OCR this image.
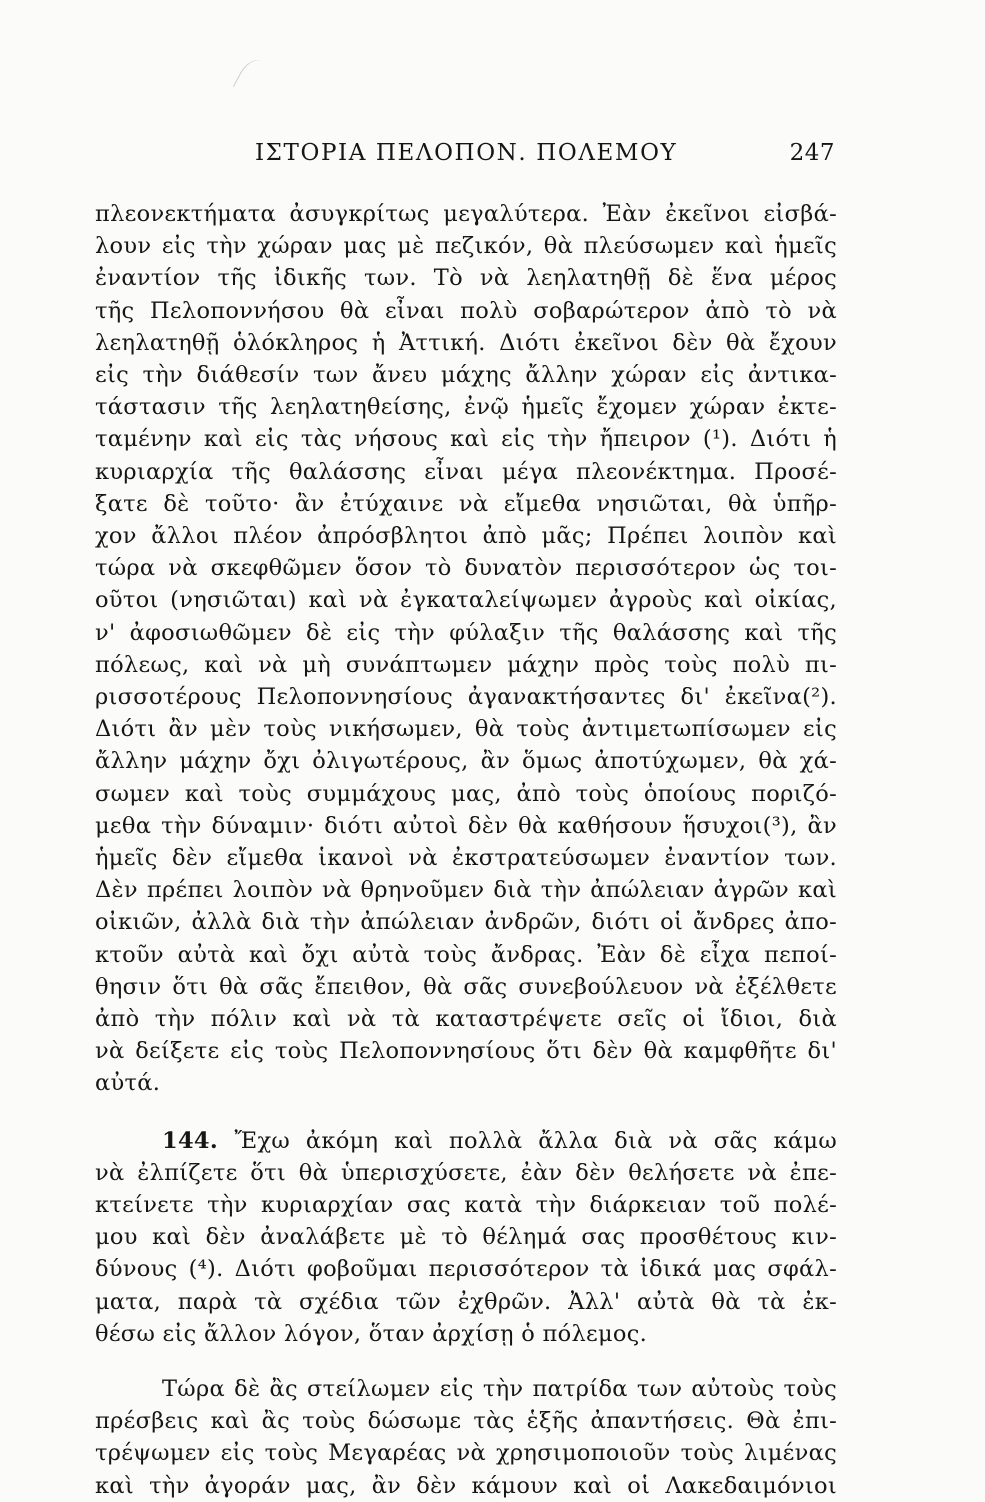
ΙΣΤΟΡΙΑ ΠΕΛΟΠΟΝ. ΠΟΛΕΜΟΥ	247
πλεονεκτήματα ἀσυγκρίτως μεγαλύτερα. Ἐὰν ἐκεῖνοι εἰσβά-
λουν εἰς τὴν χώραν μας μὲ πεζικόν, θὰ πλεύσωμεν καὶ ἡμεῖς
ἐναντίον τῆς ἰδικῆς των. Τὸ νὰ λεηλατηθῇ δὲ ἕνα μέρος
τῆς Πελοποννήσου θὰ εἶναι πολὺ σοβαρώτερον ἀπὸ τὸ νὰ
λεηλατηθῇ ὁλόκληρος ἡ Ἀττική. Διότι ἐκεῖνοι δὲν θὰ ἔχουν
εἰς τὴν διάθεσίν των ἄνευ μάχης ἄλλην χώραν εἰς ἀντικα-
τάστασιν τῆς λεηλατηθείσης, ἐνῷ ἡμεῖς ἔχομεν χώραν ἐκτε-
ταμένην καὶ εἰς τὰς νήσους καὶ εἰς τὴν ἤπειρον (¹). Διότι ἡ
κυριαρχία τῆς θαλάσσης εἶναι μέγα πλεονέκτημα. Προσέ-
ξατε δὲ τοῦτο· ἂν ἐτύχαινε νὰ εἴμεθα νησιῶται, θὰ ὑπῆρ-
χον ἄλλοι πλέον ἀπρόσβλητοι ἀπὸ μᾶς; Πρέπει λοιπὸν καὶ
τώρα νὰ σκεφθῶμεν ὅσον τὸ δυνατὸν περισσότερον ὡς τοι-
οῦτοι (νησιῶται) καὶ νὰ ἐγκαταλείψωμεν ἀγροὺς καὶ οἰκίας,
ν' ἀφοσιωθῶμεν δὲ εἰς τὴν φύλαξιν τῆς θαλάσσης καὶ τῆς
πόλεως, καὶ νὰ μὴ συνάπτωμεν μάχην πρὸς τοὺς πολὺ πι-
ρισσοτέρους Πελοποννησίους ἀγανακτήσαντες δι' ἐκεῖνα(²).
Διότι ἂν μὲν τοὺς νικήσωμεν, θὰ τοὺς ἀντιμετωπίσωμεν εἰς
ἄλλην μάχην ὄχι ὀλιγωτέρους, ἂν ὅμως ἀποτύχωμεν, θὰ χά-
σωμεν καὶ τοὺς συμμάχους μας, ἀπὸ τοὺς ὁποίους πoριζό-
μεθα τὴν δύναμιν· διότι αὐτοὶ δὲν θὰ καθήσουν ἥσυχοι(³), ἂν
ἡμεῖς δὲν εἴμεθα ἱκανοὶ νὰ ἐκστρατεύσωμεν ἐναντίον των.
Δὲν πρέπει λοιπὸν νὰ θρηνοῦμεν διὰ τὴν ἀπώλειαν ἀγρῶν καὶ
οἰκιῶν, ἀλλὰ διὰ τὴν ἀπώλειαν ἀνδρῶν, διότι οἱ ἄνδρες ἀπο-
κτοῦν αὐτὰ καὶ ὄχι αὐτὰ τοὺς ἄνδρας. Ἐὰν δὲ εἶχα πεποί-
θησιν ὅτι θὰ σᾶς ἔπειθον, θὰ σᾶς συνεβούλευον νὰ ἐξέλθετε
ἀπὸ τὴν πόλιν καὶ νὰ τὰ καταστρέψετε σεῖς οἱ ἴδιοι, διὰ
νὰ δείξετε εἰς τοὺς Πελοποννησίους ὅτι δὲν θὰ καμφθῆτε δι'
αὐτά.
144. Ἔχω ἀκόμη καὶ πολλὰ ἄλλα διὰ νὰ σᾶς κάμω
νὰ ἐλπίζετε ὅτι θὰ ὑπερισχύσετε, ἐὰν δὲν θελήσετε νὰ ἐπε-
κτείνετε τὴν κυριαρχίαν σας κατὰ τὴν διάρκειαν τοῦ πολέ-
μου καὶ δὲν ἀναλάβετε μὲ τὸ θέλημά σας προσθέτους κιν-
δύνους (⁴). Διότι φοβοῦμαι περισσότερον τὰ ἰδικά μας σφάλ-
ματα, παρὰ τὰ σχέδια τῶν ἐχθρῶν. Ἀλλ' αὐτὰ θὰ τὰ ἐκ-
θέσω εἰς ἄλλον λόγον, ὅταν ἀρχίσῃ ὁ πόλεμος.
Τώρα δὲ ἂς στείλωμεν εἰς τὴν πατρίδα των αὐτοὺς τοὺς
πρέσβεις καὶ ἂς τοὺς δώσωμε τὰς ἑξῆς ἀπαντήσεις. Θὰ ἐπι-
τρέψωμεν εἰς τοὺς Μεγαρέας νὰ χρησιμοποιοῦν τοὺς λιμένας
καὶ τὴν ἀγοράν μας, ἂν δὲν κάμουν καὶ οἱ Λακεδαιμόνιοι
